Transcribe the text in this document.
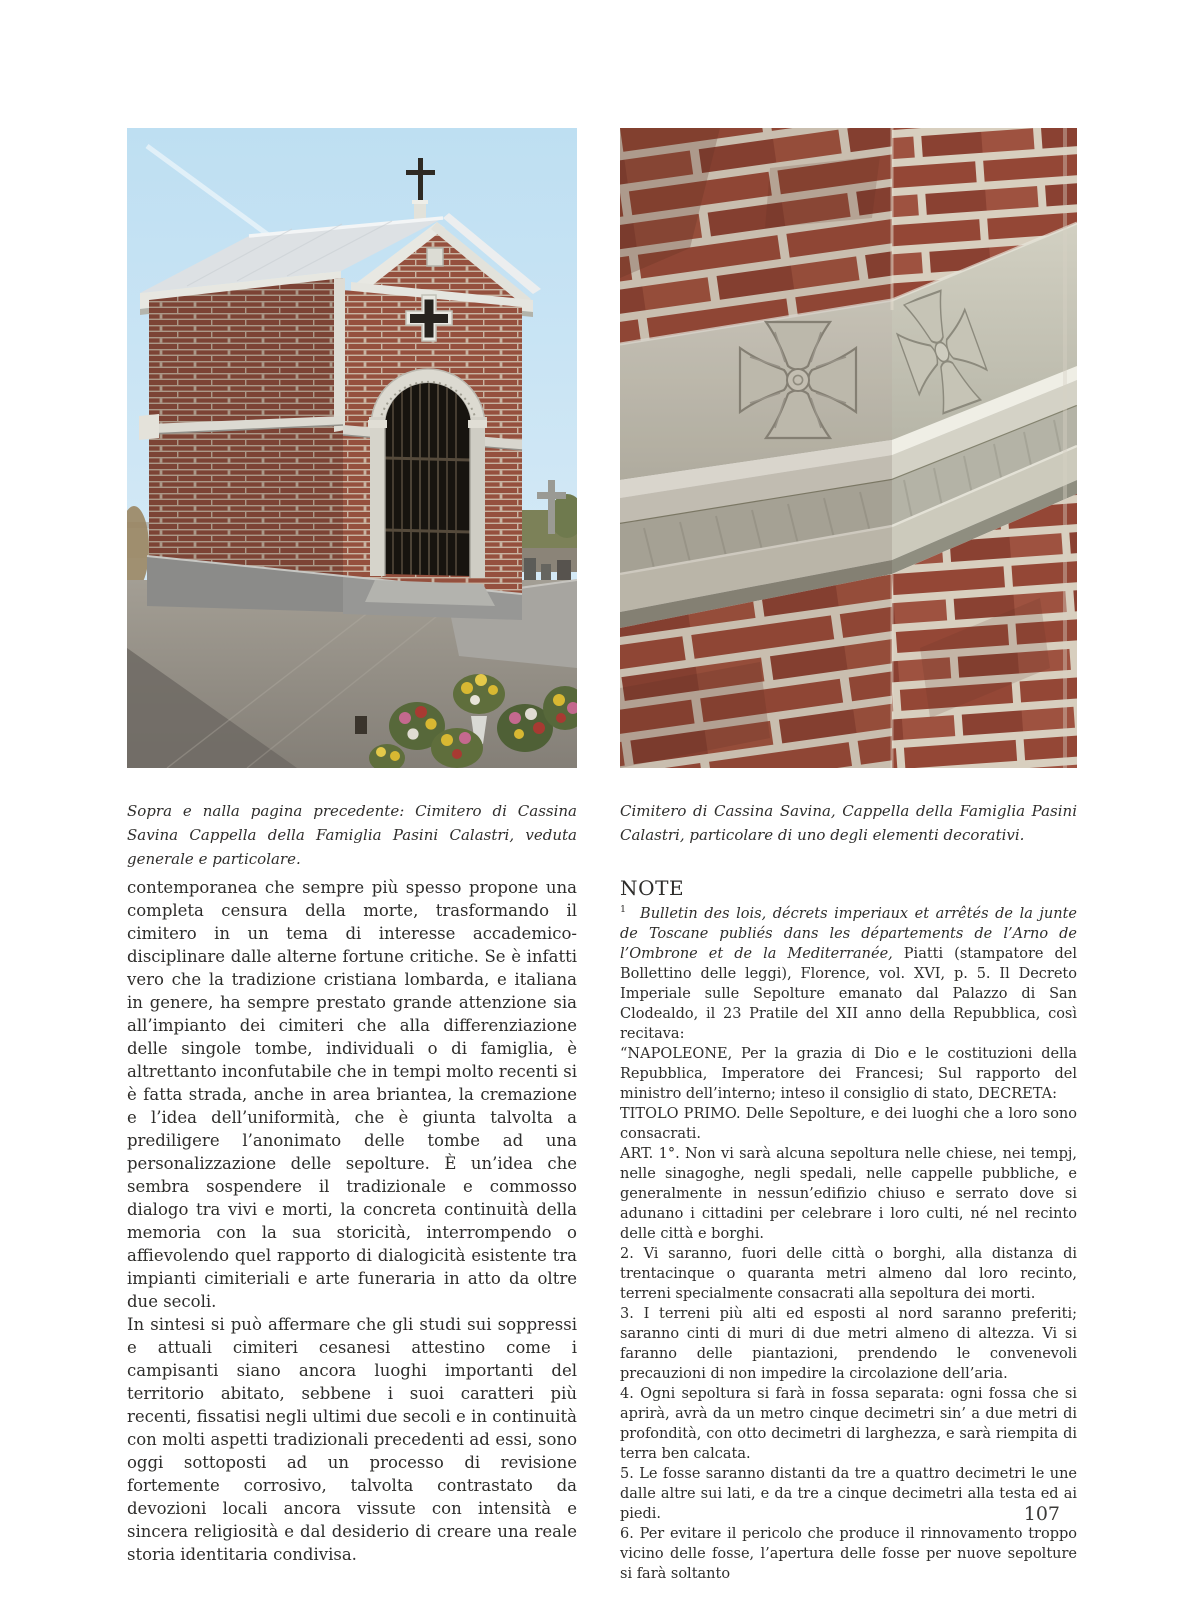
Sopra e nalla pagina precedente: Cimitero di Cassina Savina Cappella della Famiglia Pasini Calastri, veduta generale e particolare.

Cimitero di Cassina Savina, Cappella della Famiglia Pasini Calastri, particolare di uno degli elementi decorativi.

contemporanea che sempre più spesso propone una completa censura della morte, trasformando il cimitero in un tema di interesse accademico-disciplinare dalle alterne fortune critiche. Se è infatti vero che la tradizione cristiana lombarda, e italiana in genere, ha sempre prestato grande attenzione sia all’impianto dei cimiteri che alla differenziazione delle singole tombe, individuali o di famiglia, è altrettanto inconfutabile che in tempi molto recenti si è fatta strada, anche in area briantea, la cremazione e l’idea dell’uniformità, che è giunta talvolta a prediligere l’anonimato delle tombe ad una personalizzazione delle sepolture. È un’idea che sembra sospendere il tradizionale e commosso dialogo tra vivi e morti, la concreta continuità della memoria con la sua storicità, interrompendo o affievolendo quel rapporto di dialogicità esistente tra impianti cimiteriali e arte funeraria in atto da oltre due secoli.

In sintesi si può affermare che gli studi sui soppressi e attuali cimiteri cesanesi attestino come i campisanti siano ancora luoghi importanti del territorio abitato, sebbene i suoi caratteri più recenti, fissatisi negli ultimi due secoli e in continuità con molti aspetti tradizionali precedenti ad essi, sono oggi sottoposti ad un processo di revisione fortemente corrosivo, talvolta contrastato da devozioni locali ancora vissute con intensità e sincera religiosità e dal desiderio di creare una reale storia identitaria condivisa.

NOTE

$^1$ Bulletin des lois, décrets imperiaux et arrêtés de la junte de Toscane publiés dans les départements de l’Arno de l’Ombrone et de la Mediterranée, Piatti (stampatore del Bollettino delle leggi), Florence, vol. XVI, p. 5. Il Decreto Imperiale sulle Sepolture emanato dal Palazzo di San Clodealdo, il 23 Pratile del XII anno della Repubblica, così recitava:

“NAPOLEONE, Per la grazia di Dio e le costituzioni della Repubblica, Imperatore dei Francesi; Sul rapporto del ministro dell’interno; inteso il consiglio di stato, DECRETA:

TITOLO PRIMO. Delle Sepolture, e dei luoghi che a loro sono consacrati.

ART. 1°. Non vi sarà alcuna sepoltura nelle chiese, nei tempj, nelle sinagoghe, negli spedali, nelle cappelle pubbliche, e generalmente in nessun’edifizio chiuso e serrato dove si adunano i cittadini per celebrare i loro culti, né nel recinto delle città e borghi.

2. Vi saranno, fuori delle città o borghi, alla distanza di trentacinque o quaranta metri almeno dal loro recinto, terreni specialmente consacrati alla sepoltura dei morti.

3. I terreni più alti ed esposti al nord saranno preferiti; saranno cinti di muri di due metri almeno di altezza. Vi si faranno delle piantazioni, prendendo le convenevoli precauzioni di non impedire la circolazione dell’aria.

4. Ogni sepoltura si farà in fossa separata: ogni fossa che si aprirà, avrà da un metro cinque decimetri sin’ a due metri di profondità, con otto decimetri di larghezza, e sarà riempita di terra ben calcata.

5. Le fosse saranno distanti da tre a quattro decimetri le une dalle altre sui lati, e da tre a cinque decimetri alla testa ed ai piedi.

6. Per evitare il pericolo che produce il rinnovamento troppo vicino delle fosse, l’apertura delle fosse per nuove sepolture si farà soltanto

107
